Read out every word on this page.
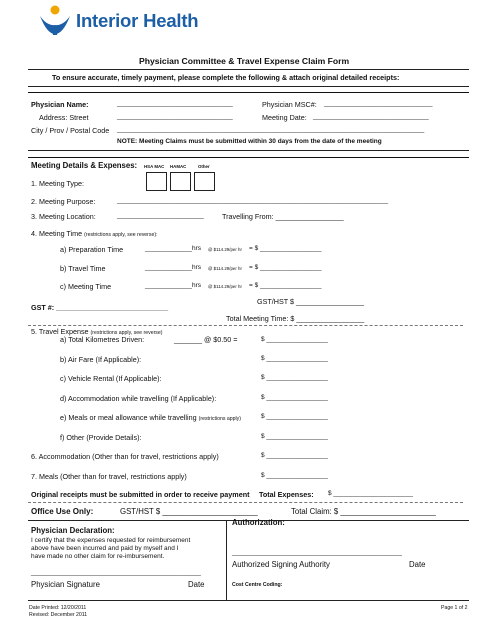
Interior Health
Physician Committee & Travel Expense Claim Form
To ensure accurate, timely payment, please complete the following & attach original detailed receipts:
Physician Name:	________________________________	Physician MSC#: ______________________________
Address: Street	________________________________	Meeting Date: ________________________________
City / Prov / Postal Code _____________________________________________________________________________________
NOTE: Meeting Claims must be submitted within 30 days from the date of the meeting
Meeting Details & Expenses: HSA MAC HAMAC	Other
1. Meeting Type:
2. Meeting Purpose:	___________________________________________________________________________
3. Meeting Location:	________________________	Travelling From: _________________
4. Meeting Time (restrictions apply, see reverse):
a) Preparation Time	_____________hrs @ $114.29/per hr = $ _________________
b) Travel Time	_____________hrs @ $114.29/per hr = $ _________________
c) Meeting Time	_____________hrs @ $114.29/per hr = $ _________________
GST/HST $ _________________
GST #: ____________________________
Total Meeting Time: $ _________________
5. Travel Expense (restrictions apply, see reverse)
a) Total Kilometres Driven:	_______ @ $0.50 =	$ _________________
b) Air Fare (If Applicable):	$ _________________
c) Vehicle Rental (If Applicable):	$ _________________
d) Accommodation while travelling (If Applicable):	$ _________________
e) Meals or meal allowance while travelling (restrictions apply)	$ _________________
f) Other (Provide Details):	$ _________________
6. Accommodation (Other than for travel, restrictions apply)	$ _________________
7. Meals (Other than for travel, restrictions apply)	$ _________________
Original receipts must be submitted in order to receive payment Total Expenses: $ ______________________
Office Use Only:	GST/HST $ ______________________	Total Claim: $ ______________________
Physician Declaration:
I certify that the expenses requested for reimbursement
above have been incurred and paid by myself and I
have made no other claim for re-imbursement.
_______________________________________________
Physician Signature	Date
Authorization:
_______________________________________________
Authorized Signing Authority	Date
Cost Centre Coding:
Date Printed: 12/20/2011
Revised: December 2011
Page 1 of 2
